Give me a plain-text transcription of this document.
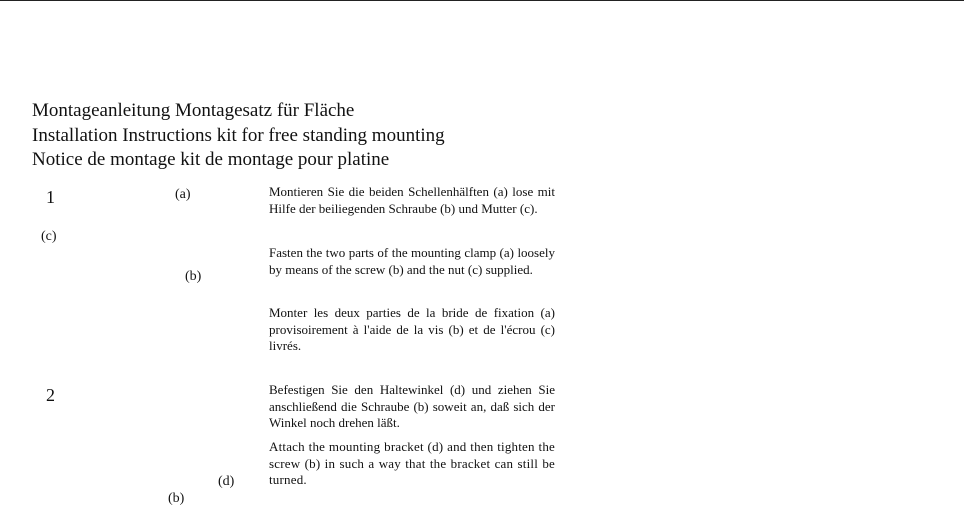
Montageanleitung Montagesatz für Fläche
Installation Instructions kit for free standing mounting
Notice de montage kit de montage pour platine
1	(a)
(c)
(b)
Montieren Sie die beiden Schellenhälften (a) lose mit Hilfe der beiliegenden Schraube (b) und Mutter (c).
Fasten the two parts of the mounting clamp (a) loosely by means of the screw (b) and the nut (c) supplied.
Monter les deux parties de la bride de fixation (a) provisoirement à l'aide de la vis (b) et de l'écrou (c) livrés.
2
(d)
(b)
Befestigen Sie den Haltewinkel (d) und ziehen Sie anschließend die Schraube (b) soweit an, daß sich der Winkel noch drehen läßt.
Attach the mounting bracket (d) and then tighten the screw (b) in such a way that the bracket can still be turned.
